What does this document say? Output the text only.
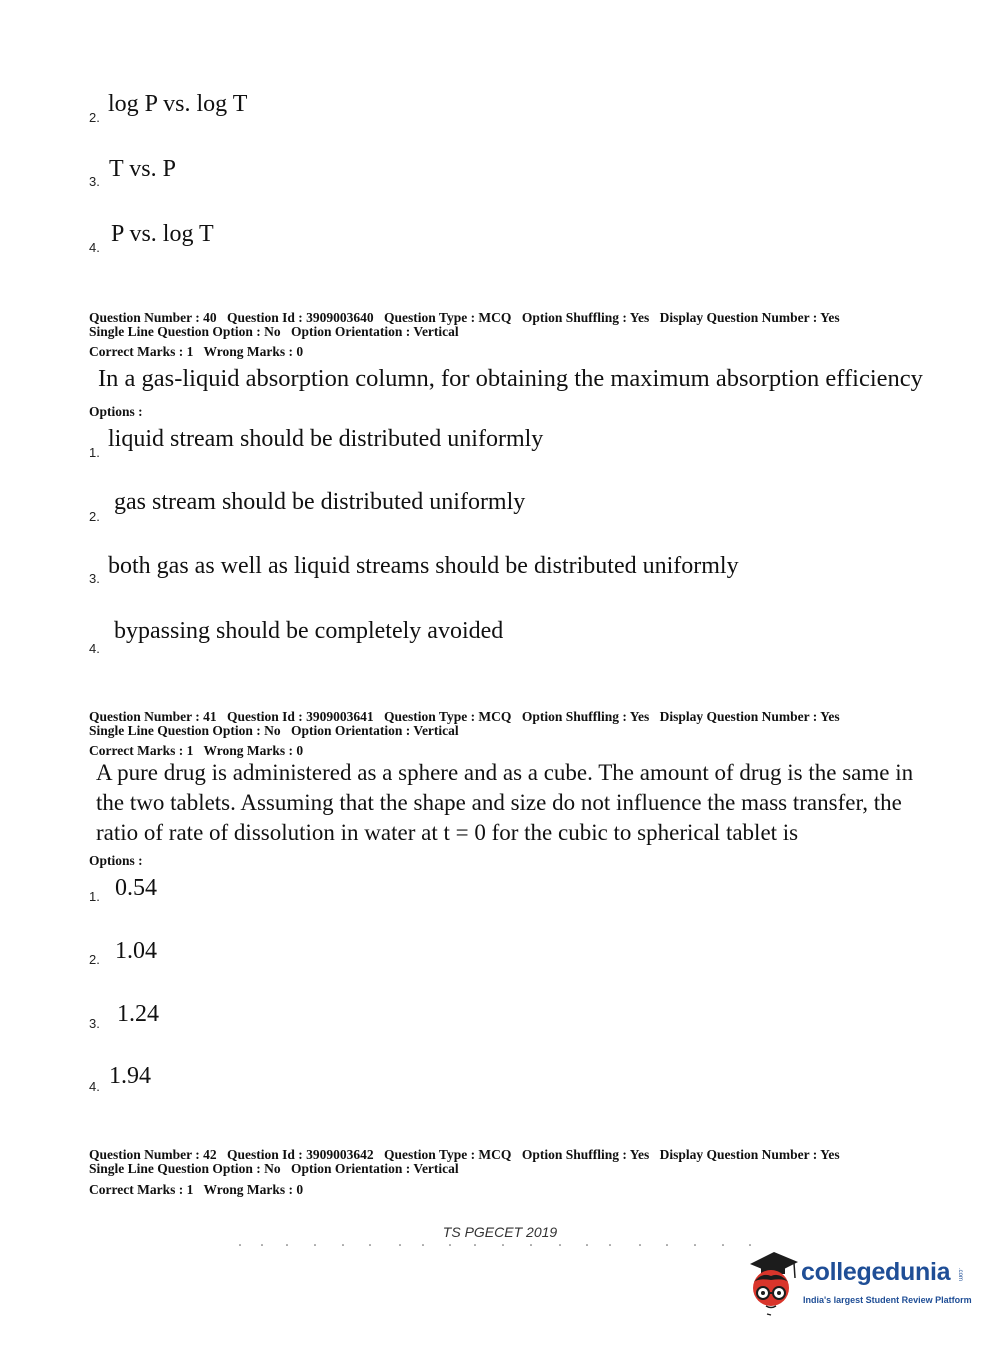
2.
log P vs. log T
3. T vs. P
4.
P vs. log T
Question Number : 40 Question Id : 3909003640 Question Type : MCQ Option Shuffling : Yes Display Question Number : Yes
Single Line Question Option : No Option Orientation : Vertical
Correct Marks : 1 Wrong Marks : 0
In a gas-liquid absorption column, for obtaining the maximum absorption efficiency
Options :
1.
liquid stream should be distributed uniformly
2.
gas stream should be distributed uniformly
3. both gas as well as liquid streams should be distributed uniformly
4.
bypassing should be completely avoided
Question Number : 41 Question Id : 3909003641 Question Type : MCQ Option Shuffling : Yes Display Question Number : Yes
Single Line Question Option : No Option Orientation : Vertical
Correct Marks : 1 Wrong Marks : 0
A pure drug is administered as a sphere and as a cube. The amount of drug is the same in
the two tablets. Assuming that the shape and size do not influence the mass transfer, the
ratio of rate of dissolution in water at t = 0 for the cubic to spherical tablet is
Options :
1. 0.54
2. 1.04
3. 1.24
4. 1.94
Question Number : 42 Question Id : 3909003642 Question Type : MCQ Option Shuffling : Yes Display Question Number : Yes
Single Line Question Option : No Option Orientation : Vertical
Correct Marks : 1 Wrong Marks : 0
TS PGECET 2019
collegedunia .com
India's largest Student Review Platform
